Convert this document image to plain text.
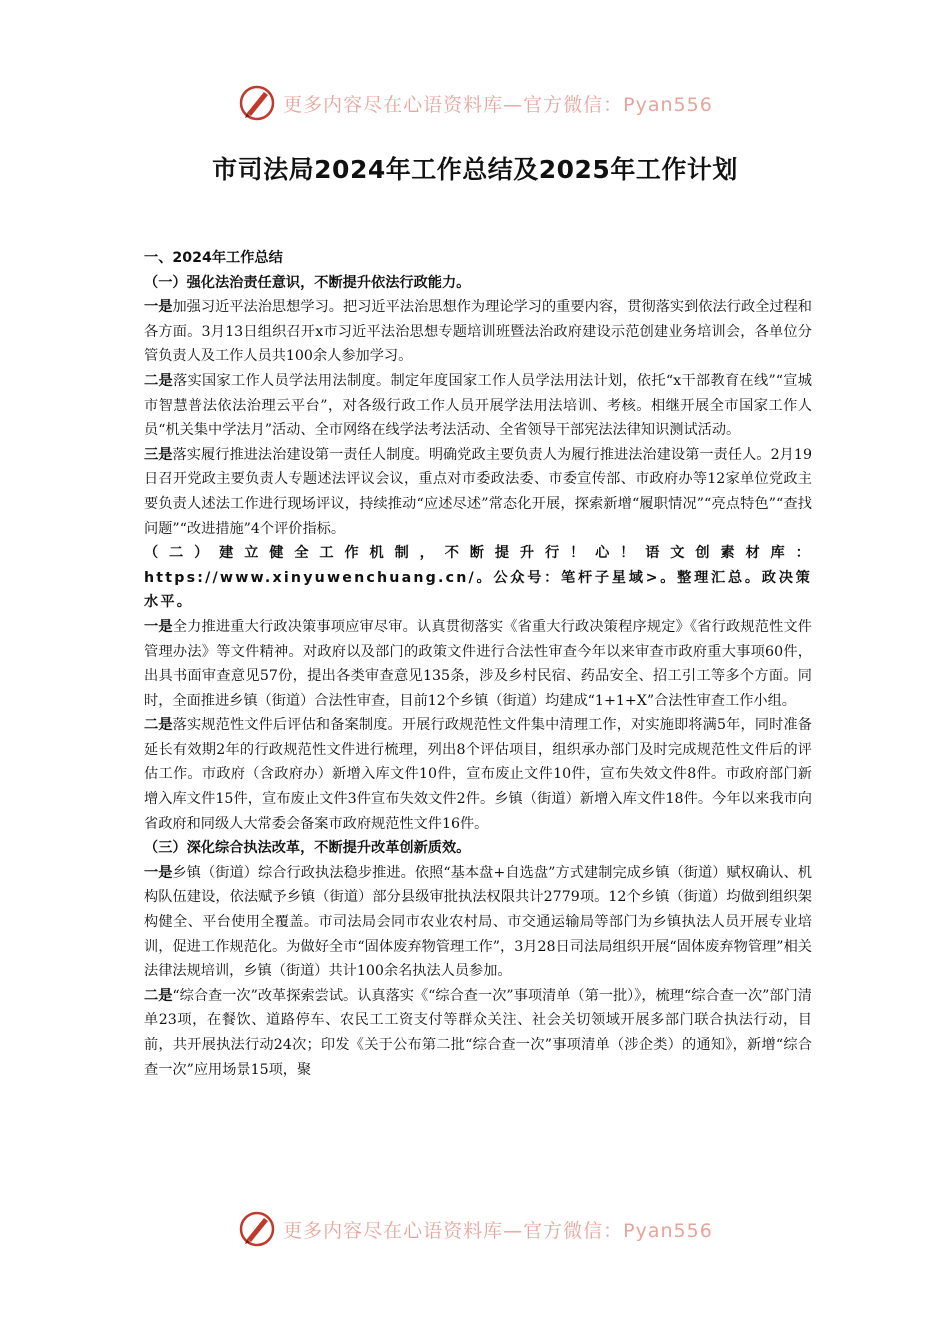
更多内容尽在心语资料库—官方微信：Pyan556
市司法局2024年工作总结及2025年工作计划

一、2024年工作总结

（一）强化法治责任意识，不断提升依法行政能力。

一是加强习近平法治思想学习。把习近平法治思想作为理论学习的重要内容，贯彻落实到依法行政全过程和各方面。3月13日组织召开x市习近平法治思想专题培训班暨法治政府建设示范创建业务培训会，各单位分管负责人及工作人员共100余人参加学习。

二是落实国家工作人员学法用法制度。制定年度国家工作人员学法用法计划，依托“x干部教育在线”“宣城市智慧普法依法治理云平台”，对各级行政工作人员开展学法用法培训、考核。相继开展全市国家工作人员“机关集中学法月”活动、全市网络在线学法考法活动、全省领导干部宪法法律知识测试活动。

三是落实履行推进法治建设第一责任人制度。明确党政主要负责人为履行推进法治建设第一责任人。2月19日召开党政主要负责人专题述法评议会议，重点对市委政法委、市委宣传部、市政府办等12家单位党政主要负责人述法工作进行现场评议，持续推动“应述尽述”常态化开展，探索新增“履职情况”“亮点特色”“查找问题”“改进措施”4个评价指标。

（二）建立健全工作机制，不断提升行！心！语文创素材库：https://www.xinyuwenchuang.cn/。公众号：笔杆子星域>。整理汇总。政决策水平。

一是全力推进重大行政决策事项应审尽审。认真贯彻落实《省重大行政决策程序规定》《省行政规范性文件管理办法》等文件精神。对政府以及部门的政策文件进行合法性审查今年以来审查市政府重大事项60件，出具书面审查意见57份，提出各类审查意见135条，涉及乡村民宿、药品安全、招工引工等多个方面。同时，全面推进乡镇（街道）合法性审查，目前12个乡镇（街道）均建成“1+1+X”合法性审查工作小组。

二是落实规范性文件后评估和备案制度。开展行政规范性文件集中清理工作，对实施即将满5年，同时准备延长有效期2年的行政规范性文件进行梳理，列出8个评估项目，组织承办部门及时完成规范性文件后的评估工作。市政府（含政府办）新增入库文件10件，宣布废止文件10件，宣布失效文件8件。市政府部门新增入库文件15件，宣布废止文件3件宣布失效文件2件。乡镇（街道）新增入库文件18件。今年以来我市向省政府和同级人大常委会备案市政府规范性文件16件。

（三）深化综合执法改革，不断提升改革创新质效。

一是乡镇（街道）综合行政执法稳步推进。依照“基本盘+自选盘”方式建制完成乡镇（街道）赋权确认、机构队伍建设，依法赋予乡镇（街道）部分县级审批执法权限共计2779项。12个乡镇（街道）均做到组织架构健全、平台使用全覆盖。市司法局会同市农业农村局、市交通运输局等部门为乡镇执法人员开展专业培训，促进工作规范化。为做好全市“固体废弃物管理工作”，3月28日司法局组织开展“固体废弃物管理”相关法律法规培训，乡镇（街道）共计100余名执法人员参加。

二是“综合查一次”改革探索尝试。认真落实《“综合查一次”事项清单（第一批）》，梳理“综合查一次”部门清单23项，在餐饮、道路停车、农民工工资支付等群众关注、社会关切领域开展多部门联合执法行动，目前，共开展执法行动24次；印发《关于公布第二批“综合查一次”事项清单（涉企类）的通知》，新增“综合查一次”应用场景15项，聚

更多内容尽在心语资料库—官方微信：Pyan556
